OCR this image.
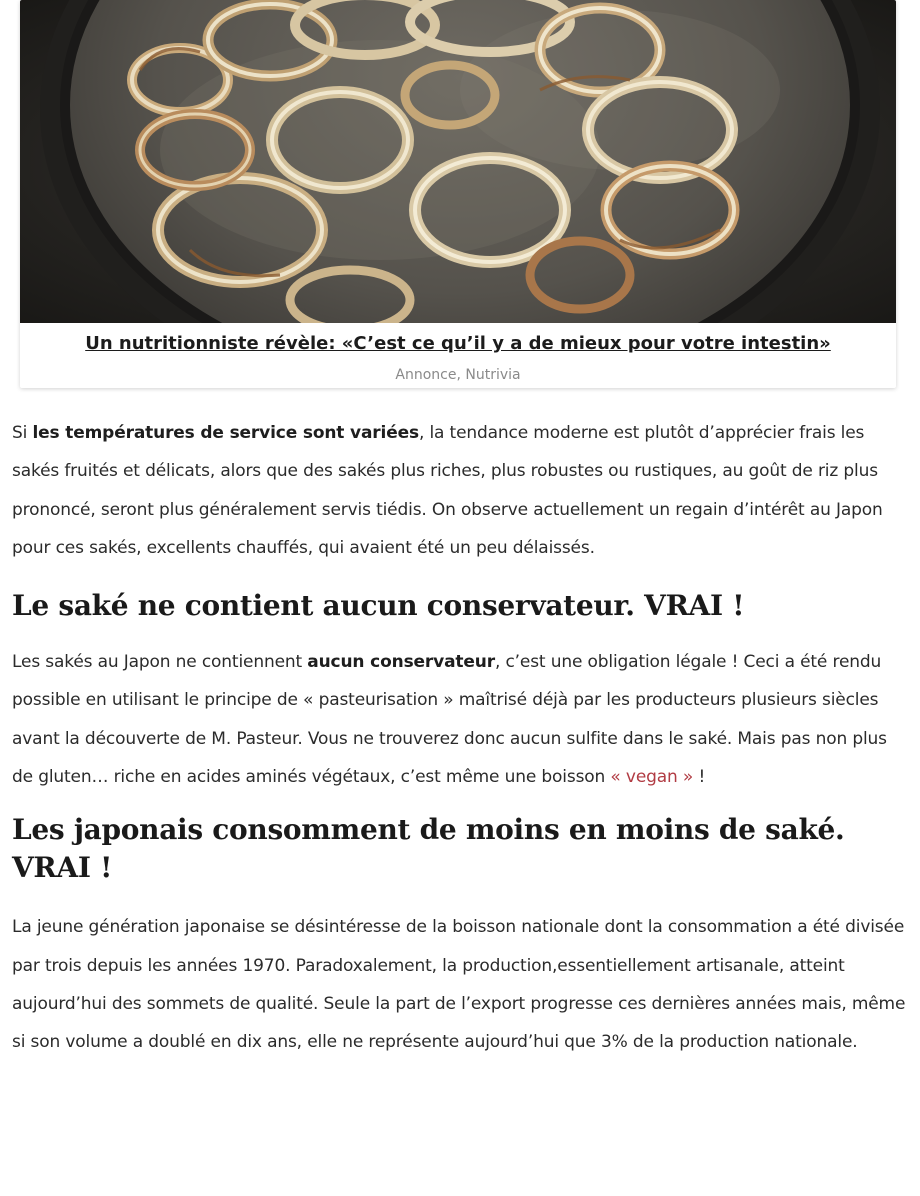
Un nutritionniste révèle: «C’est ce qu’il y a de mieux pour votre intestin»
Annonce, Nutrivia

Si les températures de service sont variées, la tendance moderne est plutôt d’apprécier frais les sakés fruités et délicats, alors que des sakés plus riches, plus robustes ou rustiques, au goût de riz plus prononcé, seront plus généralement servis tiédis. On observe actuellement un regain d’intérêt au Japon pour ces sakés, excellents chauffés, qui avaient été un peu délaissés.

Le saké ne contient aucun conservateur. VRAI !

Les sakés au Japon ne contiennent aucun conservateur, c’est une obligation légale ! Ceci a été rendu possible en utilisant le principe de « pasteurisation » maîtrisé déjà par les producteurs plusieurs siècles avant la découverte de M. Pasteur. Vous ne trouverez donc aucun sulfite dans le saké. Mais pas non plus de gluten… riche en acides aminés végétaux, c’est même une boisson « vegan » !

Les japonais consomment de moins en moins de saké. VRAI !

La jeune génération japonaise se désintéresse de la boisson nationale dont la consommation a été divisée par trois depuis les années 1970. Paradoxalement, la production,essentiellement artisanale, atteint aujourd’hui des sommets de qualité. Seule la part de l’export progresse ces dernières années mais, même si son volume a doublé en dix ans, elle ne représente aujourd’hui que 3% de la production nationale.
